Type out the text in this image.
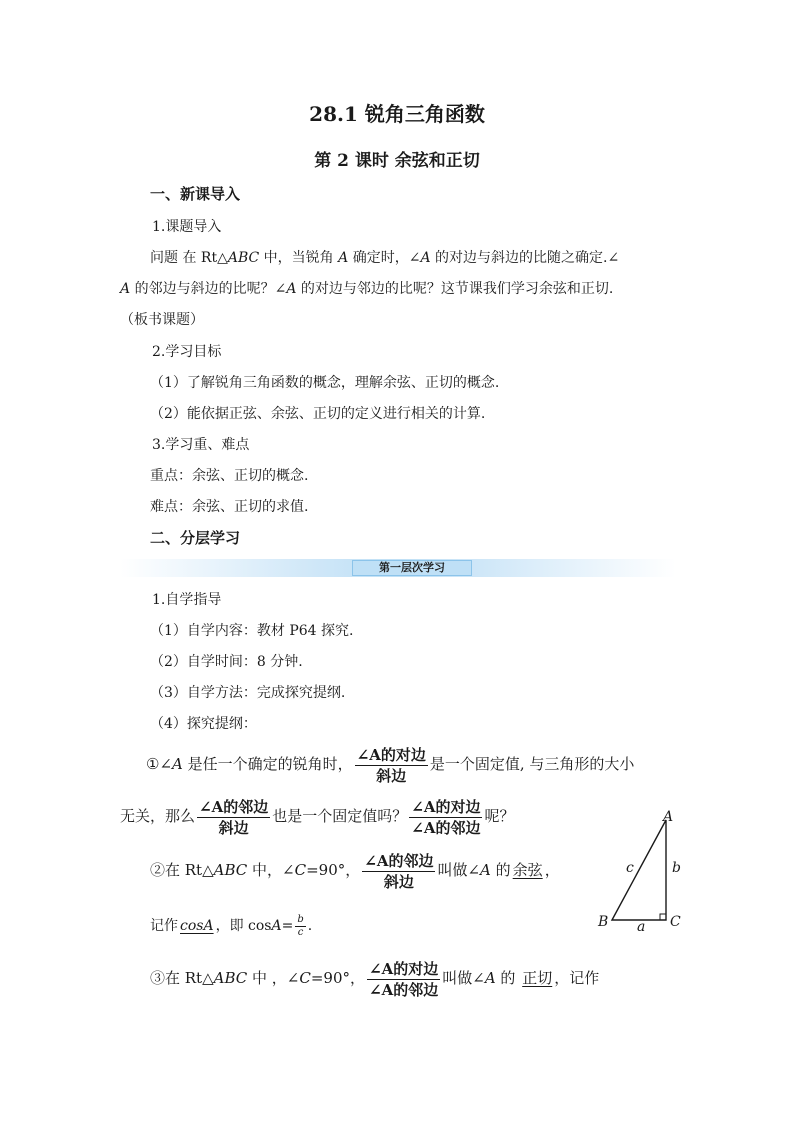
28.1 锐角三角函数
第 2 课时 余弦和正切
一、新课导入
1.课题导入
问题 在 Rt△ABC 中，当锐角 A 确定时，∠A 的对边与斜边的比随之确定.∠
A 的邻边与斜边的比呢？∠A 的对边与邻边的比呢？这节课我们学习余弦和正切.
（板书课题）
2.学习目标
（1）了解锐角三角函数的概念，理解余弦、正切的概念.
（2）能依据正弦、余弦、正切的定义进行相关的计算.
3.学习重、难点
重点：余弦、正切的概念.
难点：余弦、正切的求值.
二、分层学习
第一层次学习
1.自学指导
（1）自学内容：教材 P64 探究.
（2）自学时间：8 分钟.
（3）自学方法：完成探究提纲.
（4）探究提纲：
①∠A 是任一个确定的锐角时， $\frac{\text{∠A的对边}}{\text{斜边}}$ 是一个固定值, 与三角形的大小
无关，那么 $\frac{\text{∠A的邻边}}{\text{斜边}}$ 也是一个固定值吗？ $\frac{\text{∠A的对边}}{\text{∠A的邻边}}$ 呢？
②在 Rt△ABC 中，∠C=90°， $\frac{\text{∠A的邻边}}{\text{斜边}}$ 叫做∠A 的 余弦 ，
记作 cosA ，即 $\cos A= \frac{b}{c}$ .
③在 Rt△ABC 中 ，∠C=90°， $\frac{\text{∠A的对边}}{\text{∠A的邻边}}$ 叫做∠A 的 正切 ，记作
A
B	C
a
b
c
